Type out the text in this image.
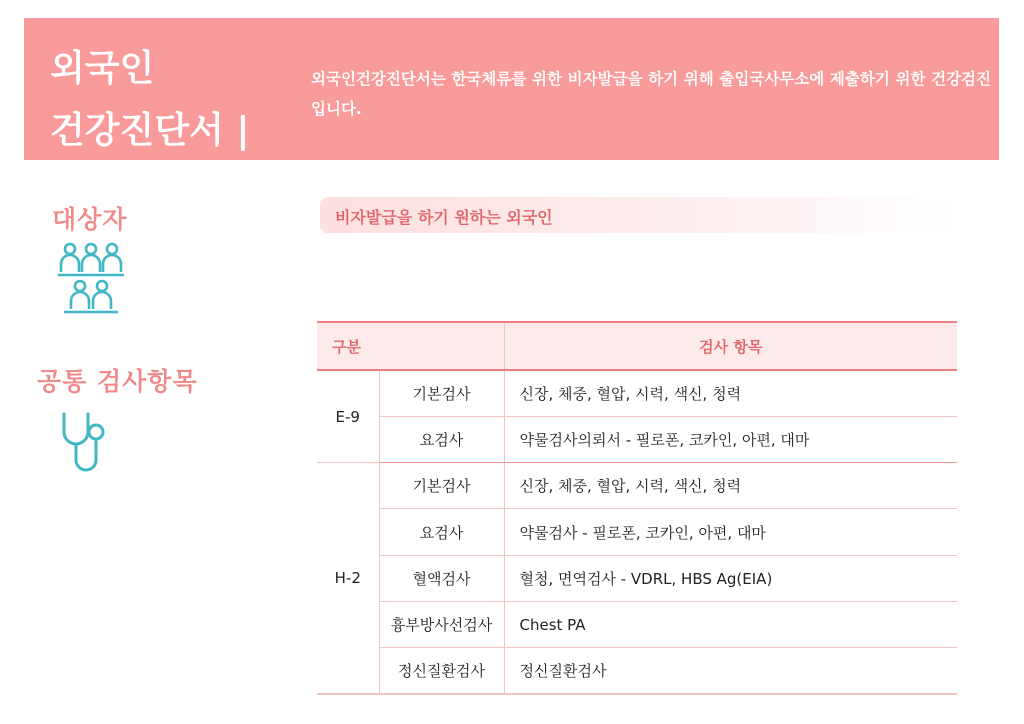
외국인
건강진단서 |
외국인건강진단서는 한국체류를 위한 비자발급을 하기 위해 출입국사무소에 제출하기 위한 건강검진입니다.
대상자
공통 검사항목
비자발급을 하기 원하는 외국인
구분		검사 항목
E-9	기본검사	신장, 체중, 혈압, 시력, 색신, 청력
	요검사	약물검사의뢰서 - 필로폰, 코카인, 아편, 대마
H-2	기본검사	신장, 체중, 혈압, 시력, 색신, 청력
	요검사	약물검사 - 필로폰, 코카인, 아편, 대마
	혈액검사	혈청, 면역검사 - VDRL, HBS Ag(EIA)
	흉부방사선검사	Chest PA
	정신질환검사	정신질환검사
